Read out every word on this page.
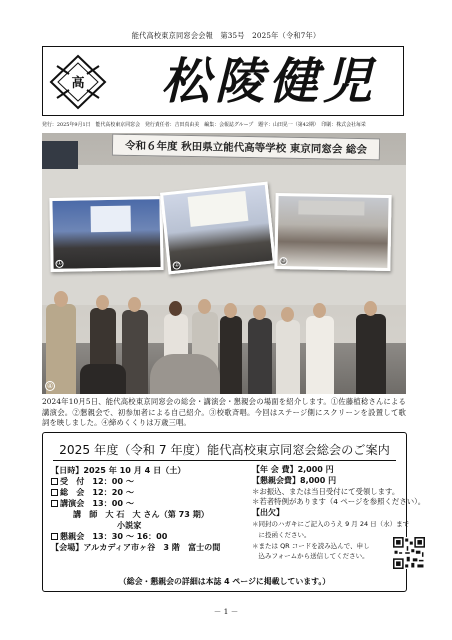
能代高校東京同窓会会報　第35号　2025年（令和7年）
高 松陵健児
発行：2025年9月1日　能代高校東京同窓会　発行責任者：吉田真由美　編集：会報誌グループ　題字：山田晃一（第42期）　印刷：株式会社毎栄
令和６年度 秋田県立能代高等学校 東京同窓会 総会
①	②
③
④
2024年10月5日、能代高校東京同窓会の総会・講演会・懇親会の場面を紹介します。①佐藤植稔さんによる講演会。②懇親会で、初参加者による自己紹介。③校歌斉唱。今回はステージ側にスクリーンを設置して歌詞を映しました。④締めくくりは万歳三唱。
2025 年度（令和 7 年度）能代高校東京同窓会総会のご案内
【日時】2025 年 10 月 4 日（土）
受　付　 12：00 〜
総　会　 12：20 〜
講演会　 13：00 〜
講　師　 大 石　大 さん（第 73 期）
小説家
懇親会　 13：30 〜 16：00
【会場】アルカディア市ヶ谷　3 階　富士の間
【年 会 費】2,000 円
【懇親会費】8,000 円
＊お振込、または当日受付にて受領します。
＊若者特例があります（4 ページを参照ください）。
【出欠】
＊同封のハガキにご記入のうえ 9 月 24 日（水）まで
　に投函ください。
＊または QR コードを読み込んで、申し
　込みフォームから送信してください。
（総会・懇親会の詳細は本誌 4 ページに掲載しています。）
－ 1 －
